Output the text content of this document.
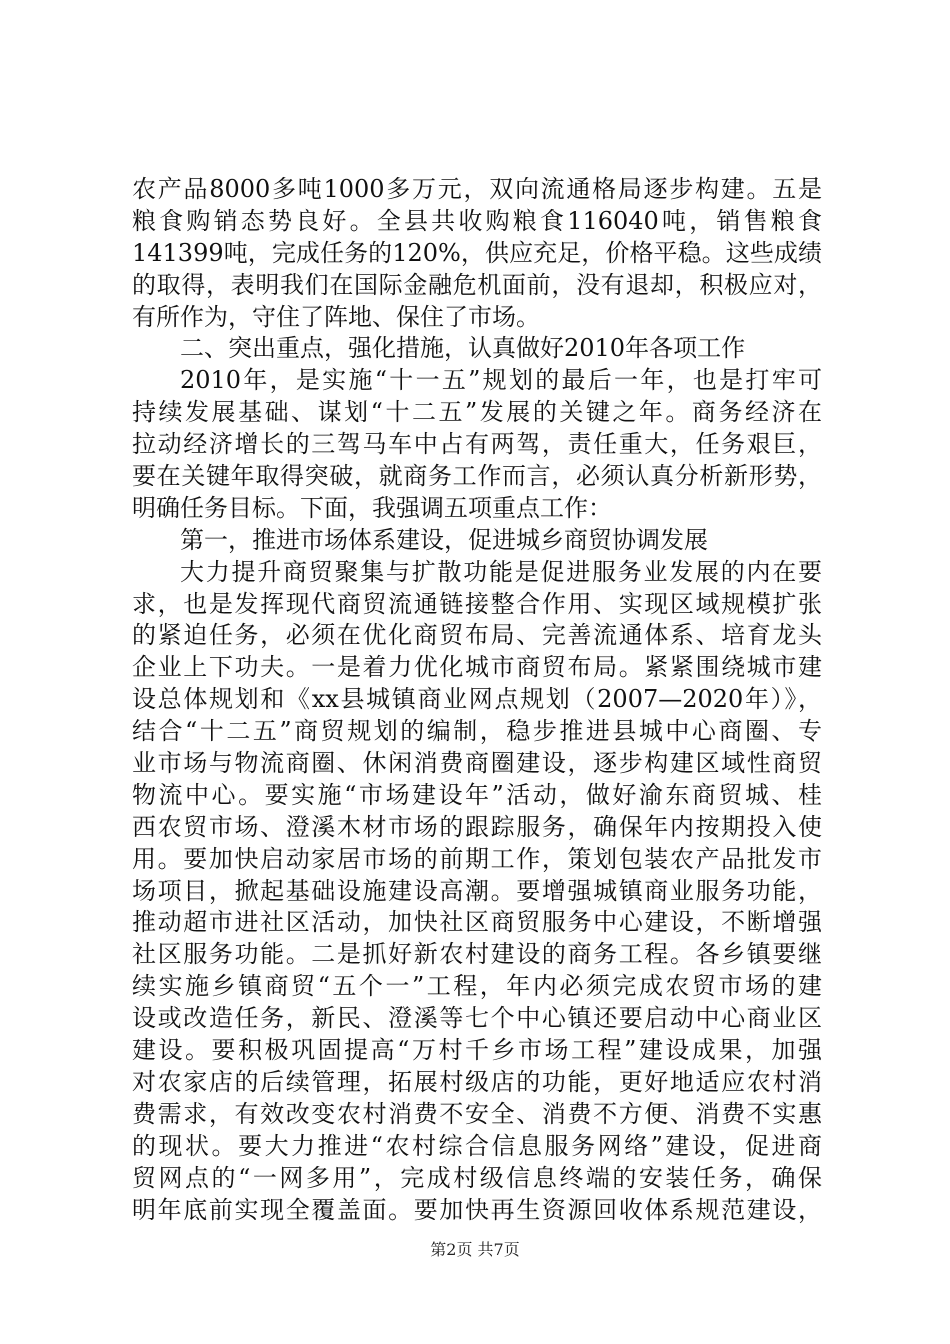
农产品8000多吨1000多万元，双向流通格局逐步构建。五是
粮食购销态势良好。全县共收购粮食116040吨，销售粮食
141399吨，完成任务的120%，供应充足，价格平稳。这些成绩
的取得，表明我们在国际金融危机面前，没有退却，积极应对，
有所作为，守住了阵地、保住了市场。
二、突出重点，强化措施，认真做好2010年各项工作
2010年，是实施“十一五”规划的最后一年，也是打牢可
持续发展基础、谋划“十二五”发展的关键之年。商务经济在
拉动经济增长的三驾马车中占有两驾，责任重大，任务艰巨，
要在关键年取得突破，就商务工作而言，必须认真分析新形势，
明确任务目标。下面，我强调五项重点工作：
第一，推进市场体系建设，促进城乡商贸协调发展
大力提升商贸聚集与扩散功能是促进服务业发展的内在要
求，也是发挥现代商贸流通链接整合作用、实现区域规模扩张
的紧迫任务，必须在优化商贸布局、完善流通体系、培育龙头
企业上下功夫。一是着力优化城市商贸布局。紧紧围绕城市建
设总体规划和《xx县城镇商业网点规划（2007—2020年）》，
结合“十二五”商贸规划的编制，稳步推进县城中心商圈、专
业市场与物流商圈、休闲消费商圈建设，逐步构建区域性商贸
物流中心。要实施“市场建设年”活动，做好渝东商贸城、桂
西农贸市场、澄溪木材市场的跟踪服务，确保年内按期投入使
用。要加快启动家居市场的前期工作，策划包装农产品批发市
场项目，掀起基础设施建设高潮。要增强城镇商业服务功能，
推动超市进社区活动，加快社区商贸服务中心建设，不断增强
社区服务功能。二是抓好新农村建设的商务工程。各乡镇要继
续实施乡镇商贸“五个一”工程，年内必须完成农贸市场的建
设或改造任务，新民、澄溪等七个中心镇还要启动中心商业区
建设。要积极巩固提高“万村千乡市场工程”建设成果，加强
对农家店的后续管理，拓展村级店的功能，更好地适应农村消
费需求，有效改变农村消费不安全、消费不方便、消费不实惠
的现状。要大力推进“农村综合信息服务网络”建设，促进商
贸网点的“一网多用”，完成村级信息终端的安装任务，确保
明年底前实现全覆盖面。要加快再生资源回收体系规范建设，
第2页 共7页
